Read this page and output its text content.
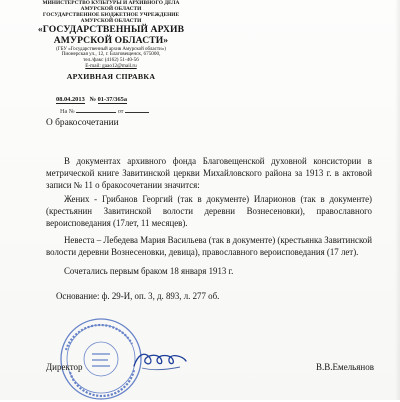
МИНИСТЕРСТВО КУЛЬТУРЫ И АРХИВНОГО ДЕЛА
АМУРСКОЙ ОБЛАСТИ
ГОСУДАРСТВЕННОЕ БЮДЖЕТНОЕ УЧРЕЖДЕНИЕ
АМУРСКОЙ ОБЛАСТИ
«ГОСУДАРСТВЕННЫЙ АРХИВ
АМУРСКОЙ ОБЛАСТИ»
(ГБУ «Государственный архив Амурской области»)
Пионерская ул., 12, г. Благовещенск, 675000,
тел./факс (4162) 51-40-56
E-mail: gaao12@mail.ru
АРХИВНАЯ СПРАВКА
08.04.2013 № 01-37/365а
На №	от
О бракосочетании
В документах архивного фонда Благовещенской духовной консистории в метрической книге Завитинской церкви Михайловского района за 1913 г. в актовой записи № 11 о бракосочетании значится:
Жених - Грибанов Георгий (так в документе) Иларионов (так в документе) (крестьянин Завитинской волости деревни Вознесеновки), православного вероисповедания (17лет, 11 месяцев).
Невеста – Лебедева Мария Васильева (так в документе) (крестьянка Завитинской волости деревни Вознесеновки, девица), православного вероисповедания (17 лет).
Сочетались первым браком 18 января 1913 г.
Основание: ф. 29-И, оп. 3, д. 893, л. 277 об.
Директор	В.В.Емельянов
